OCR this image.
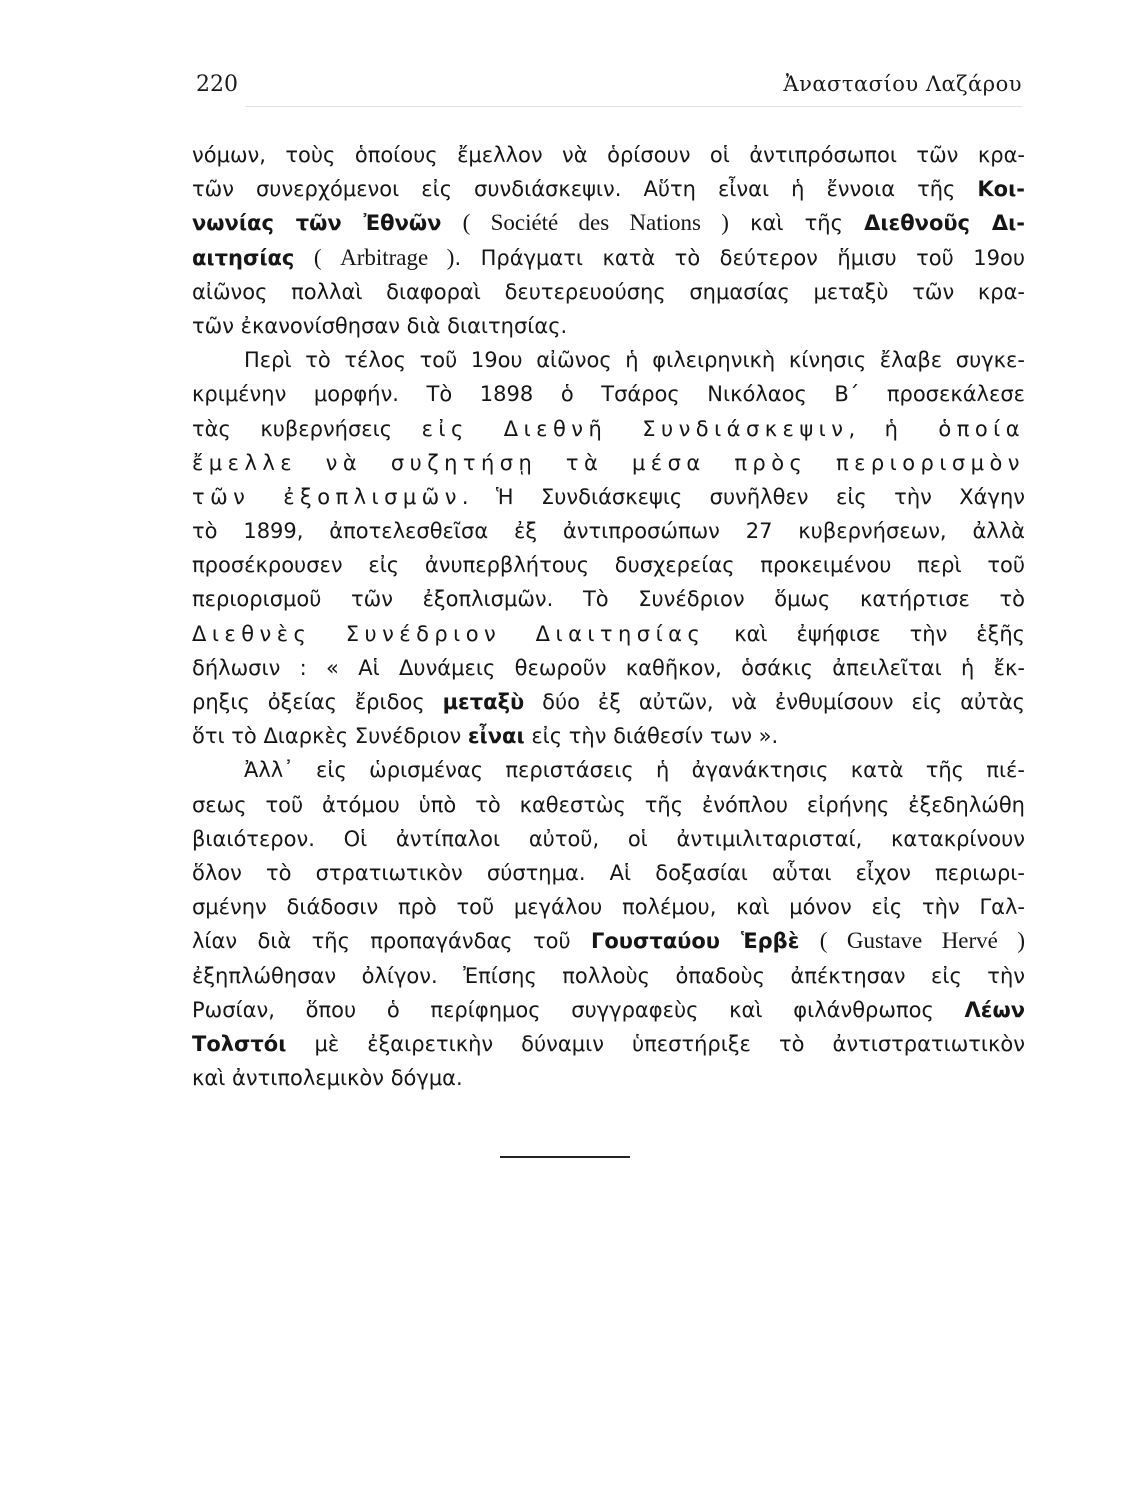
220	Ἀναστασίου Λαζάρου
νόμων, τοὺς ὁποίους ἔμελλον νὰ ὁρίσουν οἱ ἀντιπρόσωποι τῶν κρα-
τῶν συνερχόμενοι εἰς συνδιάσκεψιν. Αὕτη εἶναι ἡ ἔννοια τῆς Κοι-
νωνίας τῶν Ἐθνῶν ( Société des Nations ) καὶ τῆς Διεθνοῦς Δι-
αιτησίας ( Arbitrage ). Πράγματι κατὰ τὸ δεύτερον ἥμισυ τοῦ 19ου
αἰῶνος πολλαὶ διαφοραὶ δευτερευούσης σημασίας μεταξὺ τῶν κρα-
τῶν ἐκανονίσθησαν διὰ διαιτησίας.
Περὶ τὸ τέλος τοῦ 19ου αἰῶνος ἡ φιλειρηνικὴ κίνησις ἔλαβε συγκε-
κριμένην μορφήν. Τὸ 1898 ὁ Τσάρος Νικόλαος Β΄ προσεκάλεσε
τὰς κυβερνήσεις εἰς Διεθνῆ Συνδιάσκεψιν, ἡ ὁποία
ἔμελλε νὰ συζητήσῃ τὰ μέσα πρὸς περιορισμὸν
τῶν ἐξοπλισμῶν. Ἡ Συνδιάσκεψις συνῆλθεν εἰς τὴν Χάγην
τὸ 1899, ἀποτελεσθεῖσα ἐξ ἀντιπροσώπων 27 κυβερνήσεων, ἀλλὰ
προσέκρουσεν εἰς ἀνυπερβλήτους δυσχερείας προκειμένου περὶ τοῦ
περιορισμοῦ τῶν ἐξοπλισμῶν. Τὸ Συνέδριον ὅμως κατήρτισε τὸ
Διεθνὲς Συνέδριον Διαιτησίας καὶ ἐψήφισε τὴν ἑξῆς
δήλωσιν : « Αἱ Δυνάμεις θεωροῦν καθῆκον, ὁσάκις ἀπειλεῖται ἡ ἔκ-
ρηξις ὀξείας ἔριδος μεταξὺ δύο ἐξ αὐτῶν, νὰ ἐνθυμίσουν εἰς αὐτὰς
ὅτι τὸ Διαρκὲς Συνέδριον εἶναι εἰς τὴν διάθεσίν των ».
Ἀλλ᾽ εἰς ὡρισμένας περιστάσεις ἡ ἀγανάκτησις κατὰ τῆς πιέ-
σεως τοῦ ἀτόμου ὑπὸ τὸ καθεστὼς τῆς ἐνόπλου εἰρήνης ἐξεδηλώθη
βιαιότερον. Οἱ ἀντίπαλοι αὐτοῦ, οἱ ἀντιμιλιταρισταί, κατακρίνουν
ὅλον τὸ στρατιωτικὸν σύστημα. Αἱ δοξασίαι αὗται εἶχον περιωρι-
σμένην διάδοσιν πρὸ τοῦ μεγάλου πολέμου, καὶ μόνον εἰς τὴν Γαλ-
λίαν διὰ τῆς προπαγάνδας τοῦ Γουσταύου Ἑρβὲ ( Gustave Hervé )
ἐξηπλώθησαν ὀλίγον. Ἐπίσης πολλοὺς ὀπαδοὺς ἀπέκτησαν εἰς τὴν
Ρωσίαν, ὅπου ὁ περίφημος συγγραφεὺς καὶ φιλάνθρωπος Λέων
Τολστόι μὲ ἐξαιρετικὴν δύναμιν ὑπεστήριξε τὸ ἀντιστρατιωτικὸν
καὶ ἀντιπολεμικὸν δόγμα.
